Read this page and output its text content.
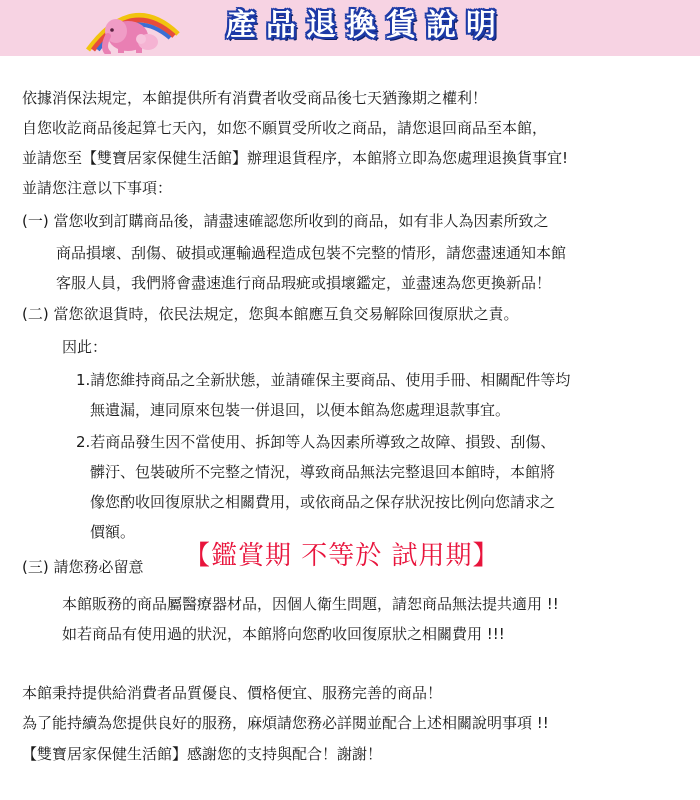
產品退換貨說明
依據消保法規定，本館提供所有消費者收受商品後七天猶豫期之權利！
自您收訖商品後起算七天內，如您不願買受所收之商品，請您退回商品至本館，
並請您至【雙寶居家保健生活館】辦理退貨程序，本館將立即為您處理退換貨事宜!
並請您注意以下事項：
(一) 當您收到訂購商品後，請盡速確認您所收到的商品，如有非人為因素所致之
商品損壞、刮傷、破損或運輸過程造成包裝不完整的情形，請您盡速通知本館
客服人員，我們將會盡速進行商品瑕疵或損壞鑑定，並盡速為您更換新品！
(二) 當您欲退貨時，依民法規定，您與本館應互負交易解除回復原狀之責。
因此：
1.請您維持商品之全新狀態，並請確保主要商品、使用手冊、相關配件等均
無遺漏，連同原來包裝一併退回，以便本館為您處理退款事宜。
2.若商品發生因不當使用、拆卸等人為因素所導致之故障、損毀、刮傷、
髒汙、包裝破所不完整之情況，導致商品無法完整退回本館時，本館將
像您酌收回復原狀之相關費用，或依商品之保存狀況按比例向您請求之
價額。
(三) 請您務必留意 【鑑賞期 不等於 試用期】
本館販務的商品屬醫療器材品，因個人衛生問題，請恕商品無法提共適用 !!
如若商品有使用過的狀況，本館將向您酌收回復原狀之相關費用 !!!
本館秉持提供給消費者品質優良、價格便宜、服務完善的商品！
為了能持續為您提供良好的服務，麻煩請您務必詳閱並配合上述相關說明事項 !!
【雙寶居家保健生活館】感謝您的支持與配合！謝謝！
